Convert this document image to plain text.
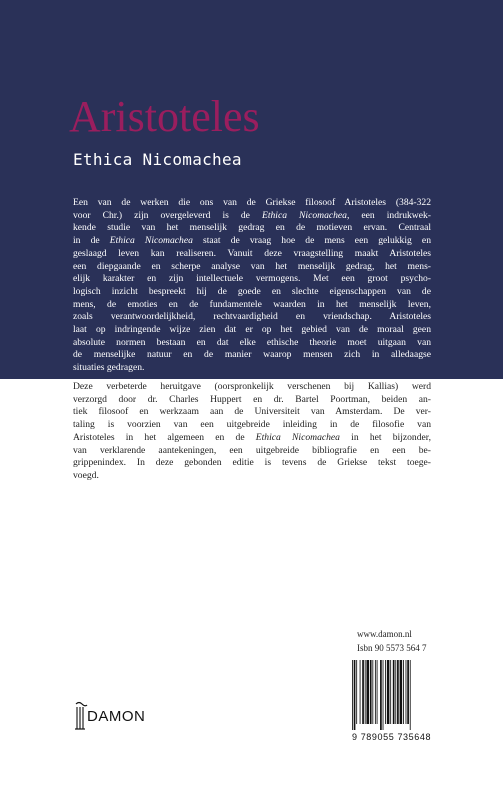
Aristoteles
Ethica Nicomachea
Een van de werken die ons van de Griekse filosoof Aristoteles (384-322
voor Chr.) zijn overgeleverd is de Ethica Nicomachea, een indrukwek-
kende studie van het menselijk gedrag en de motieven ervan. Centraal
in de Ethica Nicomachea staat de vraag hoe de mens een gelukkig en
geslaagd leven kan realiseren. Vanuit deze vraagstelling maakt Aristoteles
een diepgaande en scherpe analyse van het menselijk gedrag, het mens-
elijk karakter en zijn intellectuele vermogens. Met een groot psycho-
logisch inzicht bespreekt hij de goede en slechte eigenschappen van de
mens, de emoties en de fundamentele waarden in het menselijk leven,
zoals verantwoordelijkheid, rechtvaardigheid en vriendschap. Aristoteles
laat op indringende wijze zien dat er op het gebied van de moraal geen
absolute normen bestaan en dat elke ethische theorie moet uitgaan van
de menselijke natuur en de manier waarop mensen zich in alledaagse
situaties gedragen.
Deze verbeterde heruitgave (oorspronkelijk verschenen bij Kallias) werd
verzorgd door dr. Charles Huppert en dr. Bartel Poortman, beiden an-
tiek filosoof en werkzaam aan de Universiteit van Amsterdam. De ver-
taling is voorzien van een uitgebreide inleiding in de filosofie van
Aristoteles in het algemeen en de Ethica Nicomachea in het bijzonder,
van verklarende aantekeningen, een uitgebreide bibliografie en een be-
grippenindex. In deze gebonden editie is tevens de Griekse tekst toege-
voegd.
www.damon.nl
Isbn 90 5573 564 7
9 789055 735648
DAMON
